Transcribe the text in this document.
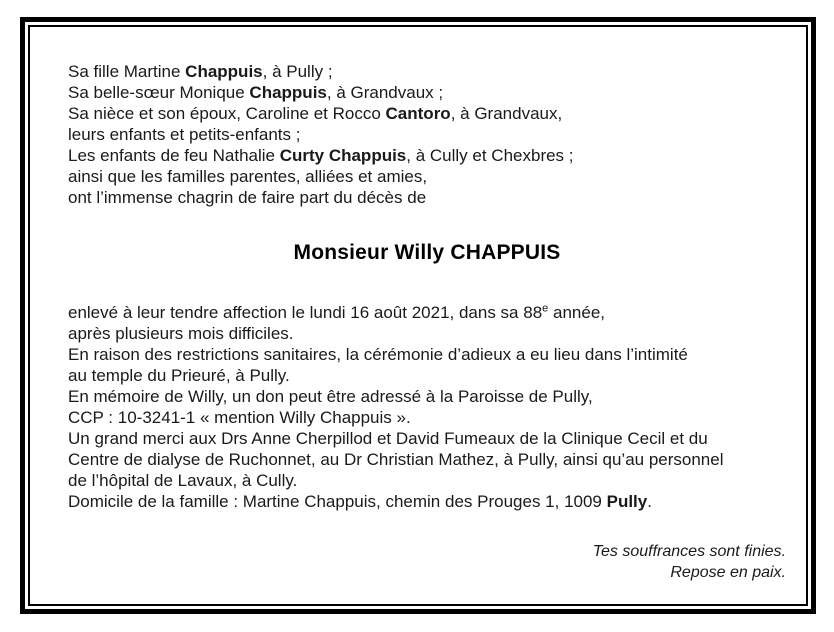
Sa fille Martine Chappuis, à Pully ;
Sa belle-sœur Monique Chappuis, à Grandvaux ;
Sa nièce et son époux, Caroline et Rocco Cantoro, à Grandvaux,
leurs enfants et petits-enfants ;
Les enfants de feu Nathalie Curty Chappuis, à Cully et Chexbres ;
ainsi que les familles parentes, alliées et amies,
ont l’immense chagrin de faire part du décès de
Monsieur Willy CHAPPUIS
enlevé à leur tendre affection le lundi 16 août 2021, dans sa 88e année,
après plusieurs mois difficiles.
En raison des restrictions sanitaires, la cérémonie d’adieux a eu lieu dans l’intimité
au temple du Prieuré, à Pully.
En mémoire de Willy, un don peut être adressé à la Paroisse de Pully,
CCP : 10-3241-1 « mention Willy Chappuis ».
Un grand merci aux Drs Anne Cherpillod et David Fumeaux de la Clinique Cecil et du
Centre de dialyse de Ruchonnet, au Dr Christian Mathez, à Pully, ainsi qu’au personnel
de l’hôpital de Lavaux, à Cully.
Domicile de la famille : Martine Chappuis, chemin des Prouges 1, 1009 Pully.
Tes souffrances sont finies.
Repose en paix.
